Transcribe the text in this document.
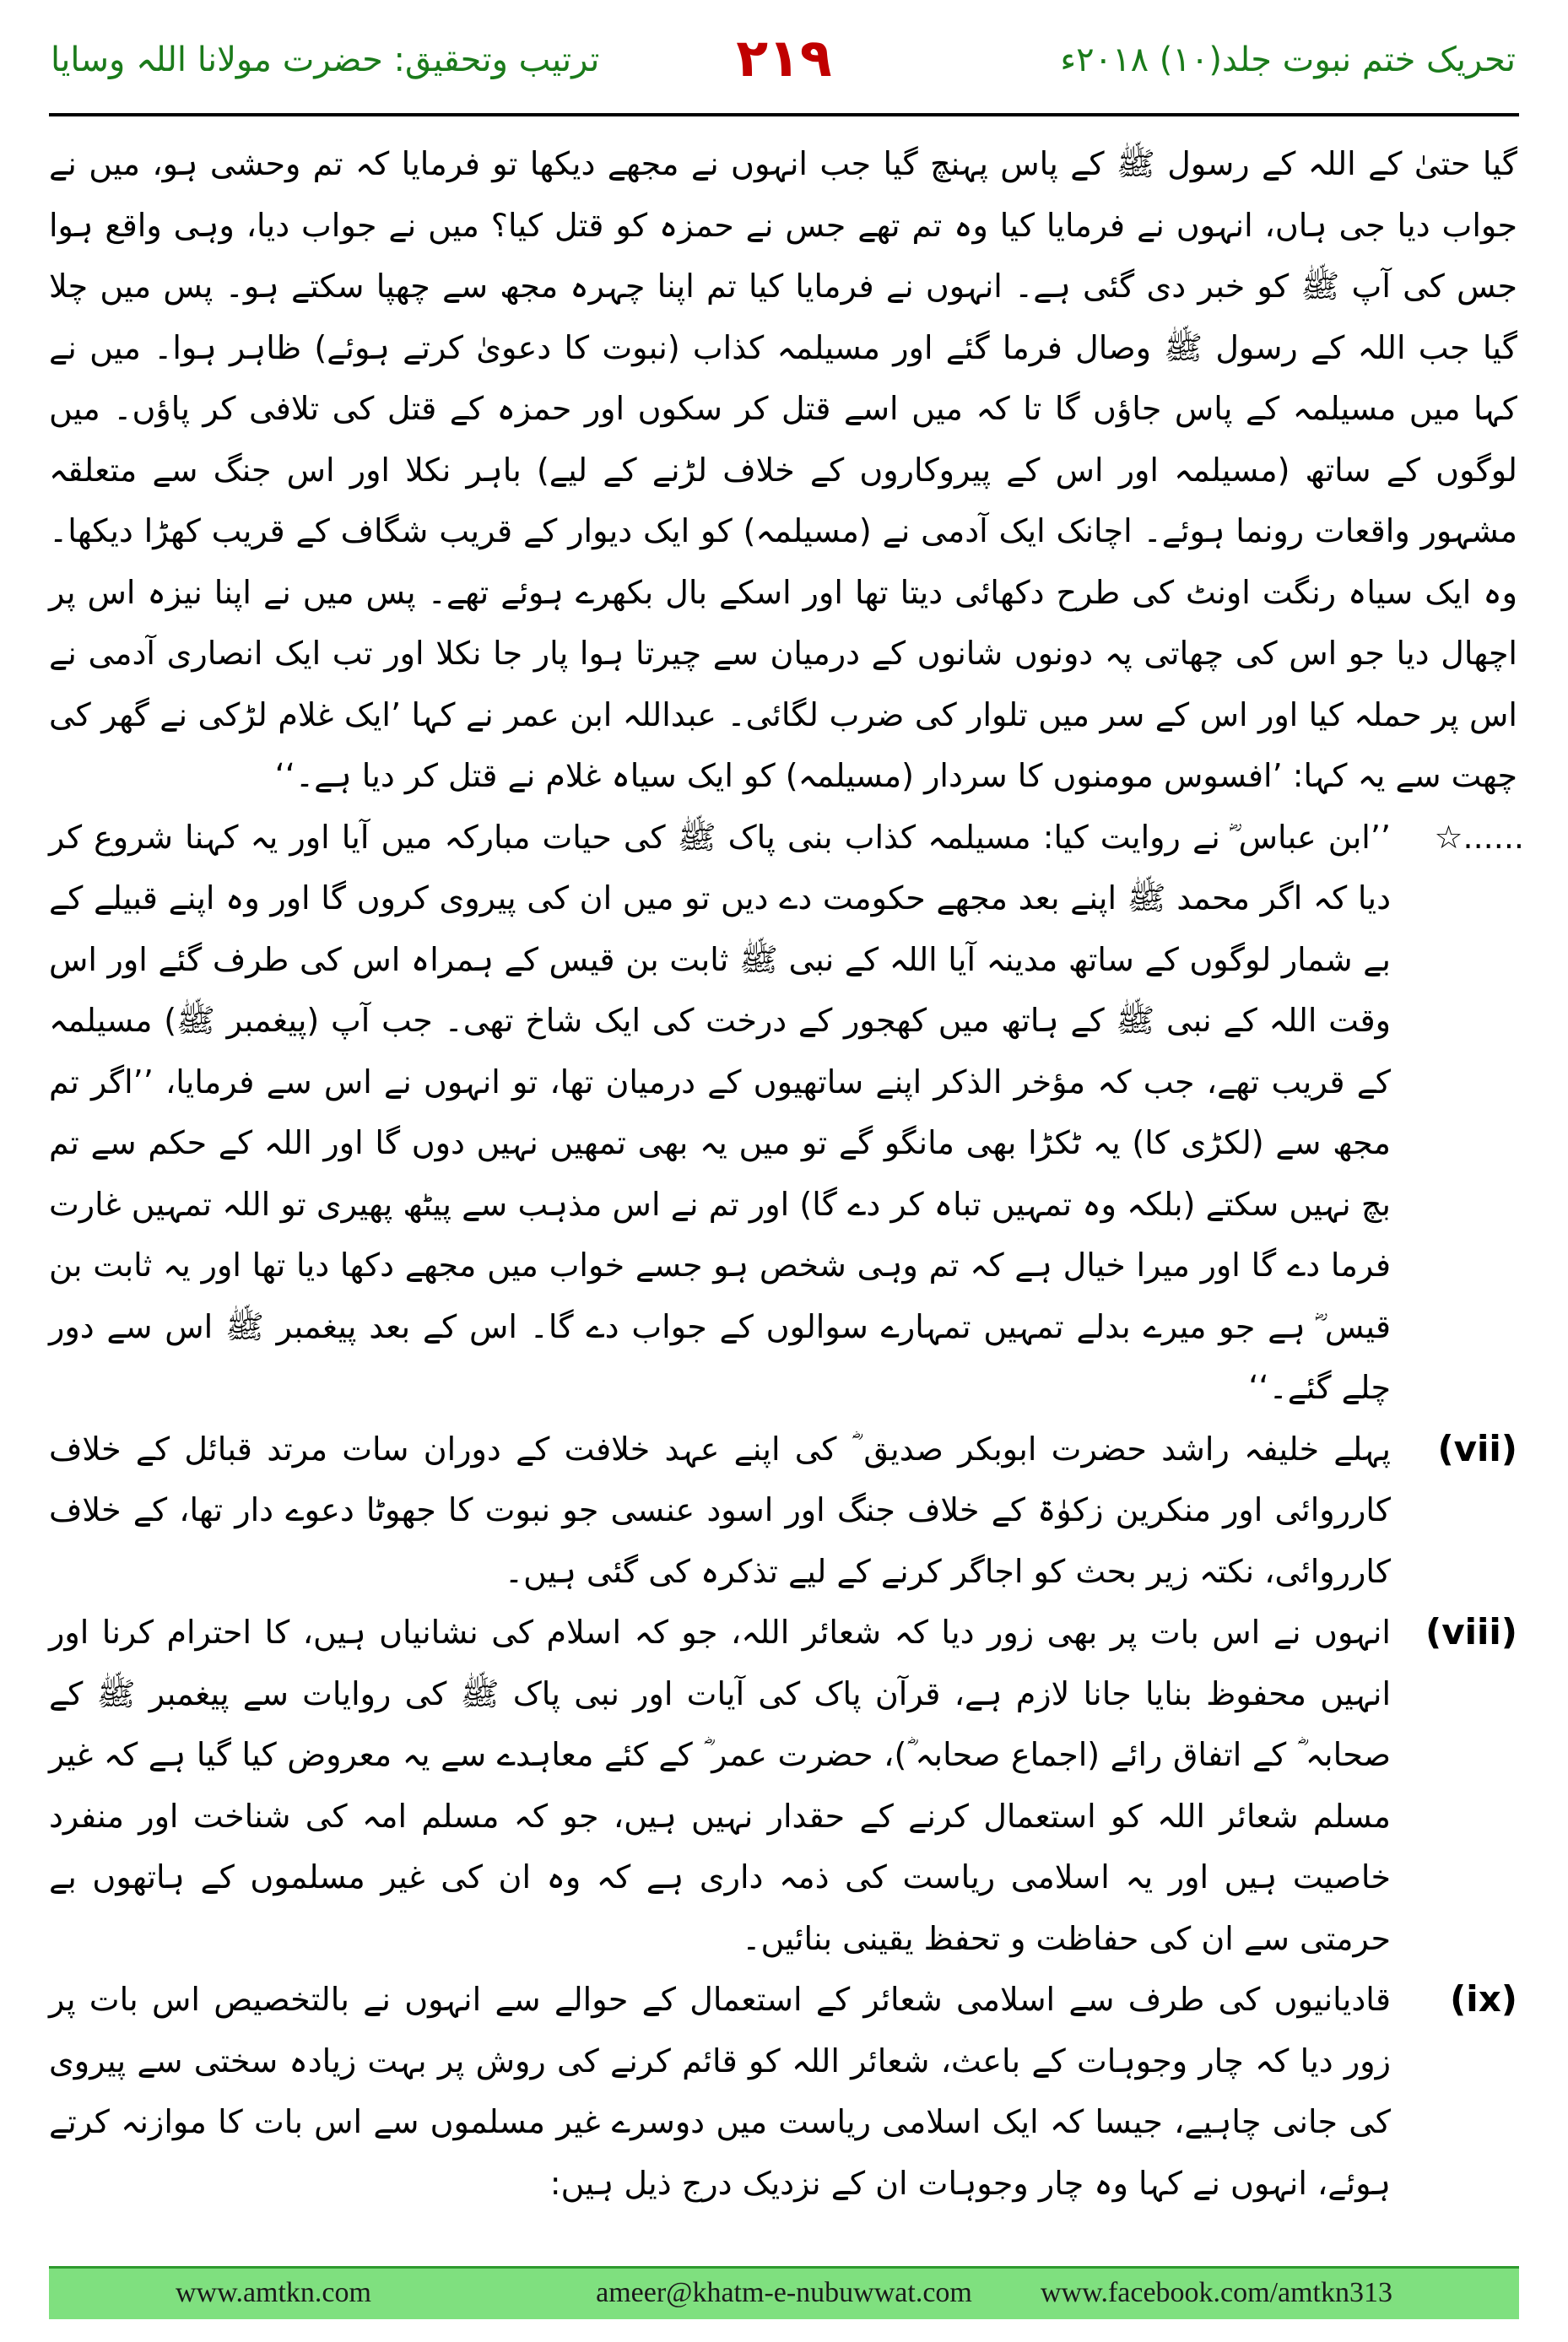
تحریک ختم نبوت جلد(۱۰) ۲۰۱۸ء
۲۱۹
ترتیب وتحقیق: حضرت مولانا اللہ وسایا

گیا حتیٰ کے اللہ کے رسول ﷺ کے پاس پہنچ گیا جب انہوں نے مجھے دیکھا تو فرمایا کہ تم وحشی ہو، میں نے جواب دیا جی ہاں، انہوں نے فرمایا کیا وہ تم تھے جس نے حمزہ کو قتل کیا؟ میں نے جواب دیا، وہی واقع ہوا جس کی آپ ﷺ کو خبر دی گئی ہے۔ انہوں نے فرمایا کیا تم اپنا چہرہ مجھ سے چھپا سکتے ہو۔ پس میں چلا گیا جب اللہ کے رسول ﷺ وصال فرما گئے اور مسیلمہ کذاب (نبوت کا دعویٰ کرتے ہوئے) ظاہر ہوا۔ میں نے کہا میں مسیلمہ کے پاس جاؤں گا تا کہ میں اسے قتل کر سکوں اور حمزہ کے قتل کی تلافی کر پاؤں۔ میں لوگوں کے ساتھ (مسیلمہ اور اس کے پیروکاروں کے خلاف لڑنے کے لیے) باہر نکلا اور اس جنگ سے متعلقہ مشہور واقعات رونما ہوئے۔ اچانک ایک آدمی نے (مسیلمہ) کو ایک دیوار کے قریب شگاف کے قریب کھڑا دیکھا۔ وہ ایک سیاہ رنگت اونٹ کی طرح دکھائی دیتا تھا اور اسکے بال بکھرے ہوئے تھے۔ پس میں نے اپنا نیزہ اس پر اچھال دیا جو اس کی چھاتی پہ دونوں شانوں کے درمیان سے چیرتا ہوا پار جا نکلا اور تب ایک انصاری آدمی نے اس پر حملہ کیا اور اس کے سر میں تلوار کی ضرب لگائی۔ عبداللہ ابن عمر نے کہا ’ایک غلام لڑکی نے گھر کی چھت سے یہ کہا: ’افسوس مومنوں کا سردار (مسیلمہ) کو ایک سیاہ غلام نے قتل کر دیا ہے۔‘‘

☆......

’’ابن عباس ؓ نے روایت کیا: مسیلمہ کذاب بنی پاک ﷺ کی حیات مبارکہ میں آیا اور یہ کہنا شروع کر دیا کہ اگر محمد ﷺ اپنے بعد مجھے حکومت دے دیں تو میں ان کی پیروی کروں گا اور وہ اپنے قبیلے کے بے شمار لوگوں کے ساتھ مدینہ آیا اللہ کے نبی ﷺ ثابت بن قیس کے ہمراہ اس کی طرف گئے اور اس وقت اللہ کے نبی ﷺ کے ہاتھ میں کھجور کے درخت کی ایک شاخ تھی۔ جب آپ (پیغمبر ﷺ) مسیلمہ کے قریب تھے، جب کہ مؤخر الذکر اپنے ساتھیوں کے درمیان تھا، تو انہوں نے اس سے فرمایا، ’’اگر تم مجھ سے (لکڑی کا) یہ ٹکڑا بھی مانگو گے تو میں یہ بھی تمھیں نہیں دوں گا اور اللہ کے حکم سے تم بچ نہیں سکتے (بلکہ وہ تمہیں تباہ کر دے گا) اور تم نے اس مذہب سے پیٹھ پھیری تو اللہ تمہیں غارت فرما دے گا اور میرا خیال ہے کہ تم وہی شخص ہو جسے خواب میں مجھے دکھا دیا تھا اور یہ ثابت بن قیس ؓ ہے جو میرے بدلے تمہیں تمہارے سوالوں کے جواب دے گا۔ اس کے بعد پیغمبر ﷺ اس سے دور چلے گئے۔‘‘

(vii)

پہلے خلیفہ راشد حضرت ابوبکر صدیق ؓ کی اپنے عہد خلافت کے دوران سات مرتد قبائل کے خلاف کارروائی اور منکرین زکوٰۃ کے خلاف جنگ اور اسود عنسی جو نبوت کا جھوٹا دعوے دار تھا، کے خلاف کارروائی، نکتہ زیر بحث کو اجاگر کرنے کے لیے تذکرہ کی گئی ہیں۔

(viii)

انہوں نے اس بات پر بھی زور دیا کہ شعائر اللہ، جو کہ اسلام کی نشانیاں ہیں، کا احترام کرنا اور انہیں محفوظ بنایا جانا لازم ہے، قرآن پاک کی آیات اور نبی پاک ﷺ کی روایات سے پیغمبر ﷺ کے صحابہ ؓ کے اتفاق رائے (اجماع صحابہ ؓ)، حضرت عمر ؓ کے کئے معاہدے سے یہ معروض کیا گیا ہے کہ غیر مسلم شعائر اللہ کو استعمال کرنے کے حقدار نہیں ہیں، جو کہ مسلم امہ کی شناخت اور منفرد خاصیت ہیں اور یہ اسلامی ریاست کی ذمہ داری ہے کہ وہ ان کی غیر مسلموں کے ہاتھوں بے حرمتی سے ان کی حفاظت و تحفظ یقینی بنائیں۔

(ix)

قادیانیوں کی طرف سے اسلامی شعائر کے استعمال کے حوالے سے انہوں نے بالتخصیص اس بات پر زور دیا کہ چار وجوہات کے باعث، شعائر اللہ کو قائم کرنے کی روش پر بہت زیادہ سختی سے پیروی کی جانی چاہیے، جیسا کہ ایک اسلامی ریاست میں دوسرے غیر مسلموں سے اس بات کا موازنہ کرتے ہوئے، انہوں نے کہا وہ چار وجوہات ان کے نزدیک درج ذیل ہیں:

www.amtkn.com	ameer@khatm-e-nubuwwat.com	www.facebook.com/amtkn313
